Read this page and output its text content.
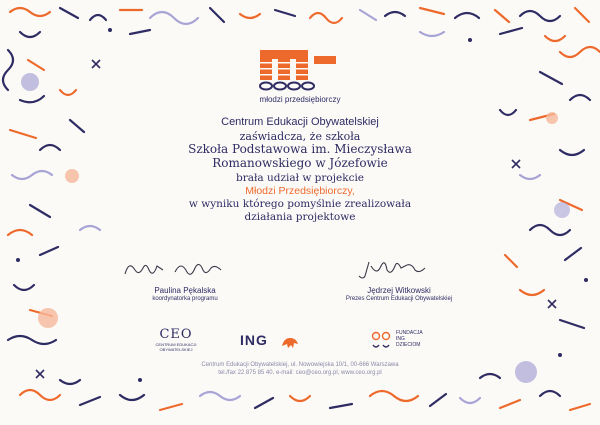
młodzi przedsiębiorczy
Centrum Edukacji Obywatelskiej
zaświadcza, że szkoła
Szkoła Podstawowa im. Mieczysława
Romanowskiego w Józefowie
brała udział w projekcie
Młodzi Przedsiębiorczy,
w wyniku którego pomyślnie zrealizowała
działania projektowe
Paulina Pękalska
koordynatorka programu
Jędrzej Witkowski
Prezes Centrum Edukacji Obywatelskiej
CEO
CENTRUM EDUKACJI OBYWATELSKIEJ
ING	FUNDACJA
ING
DZIECIOM
Centrum Edukacji Obywatelskiej, ul. Nowowiejska 10/1, 00-666 Warszawa
tel./fax 22 875 85 40, e-mail: ceo@ceo.org.pl, www.ceo.org.pl
